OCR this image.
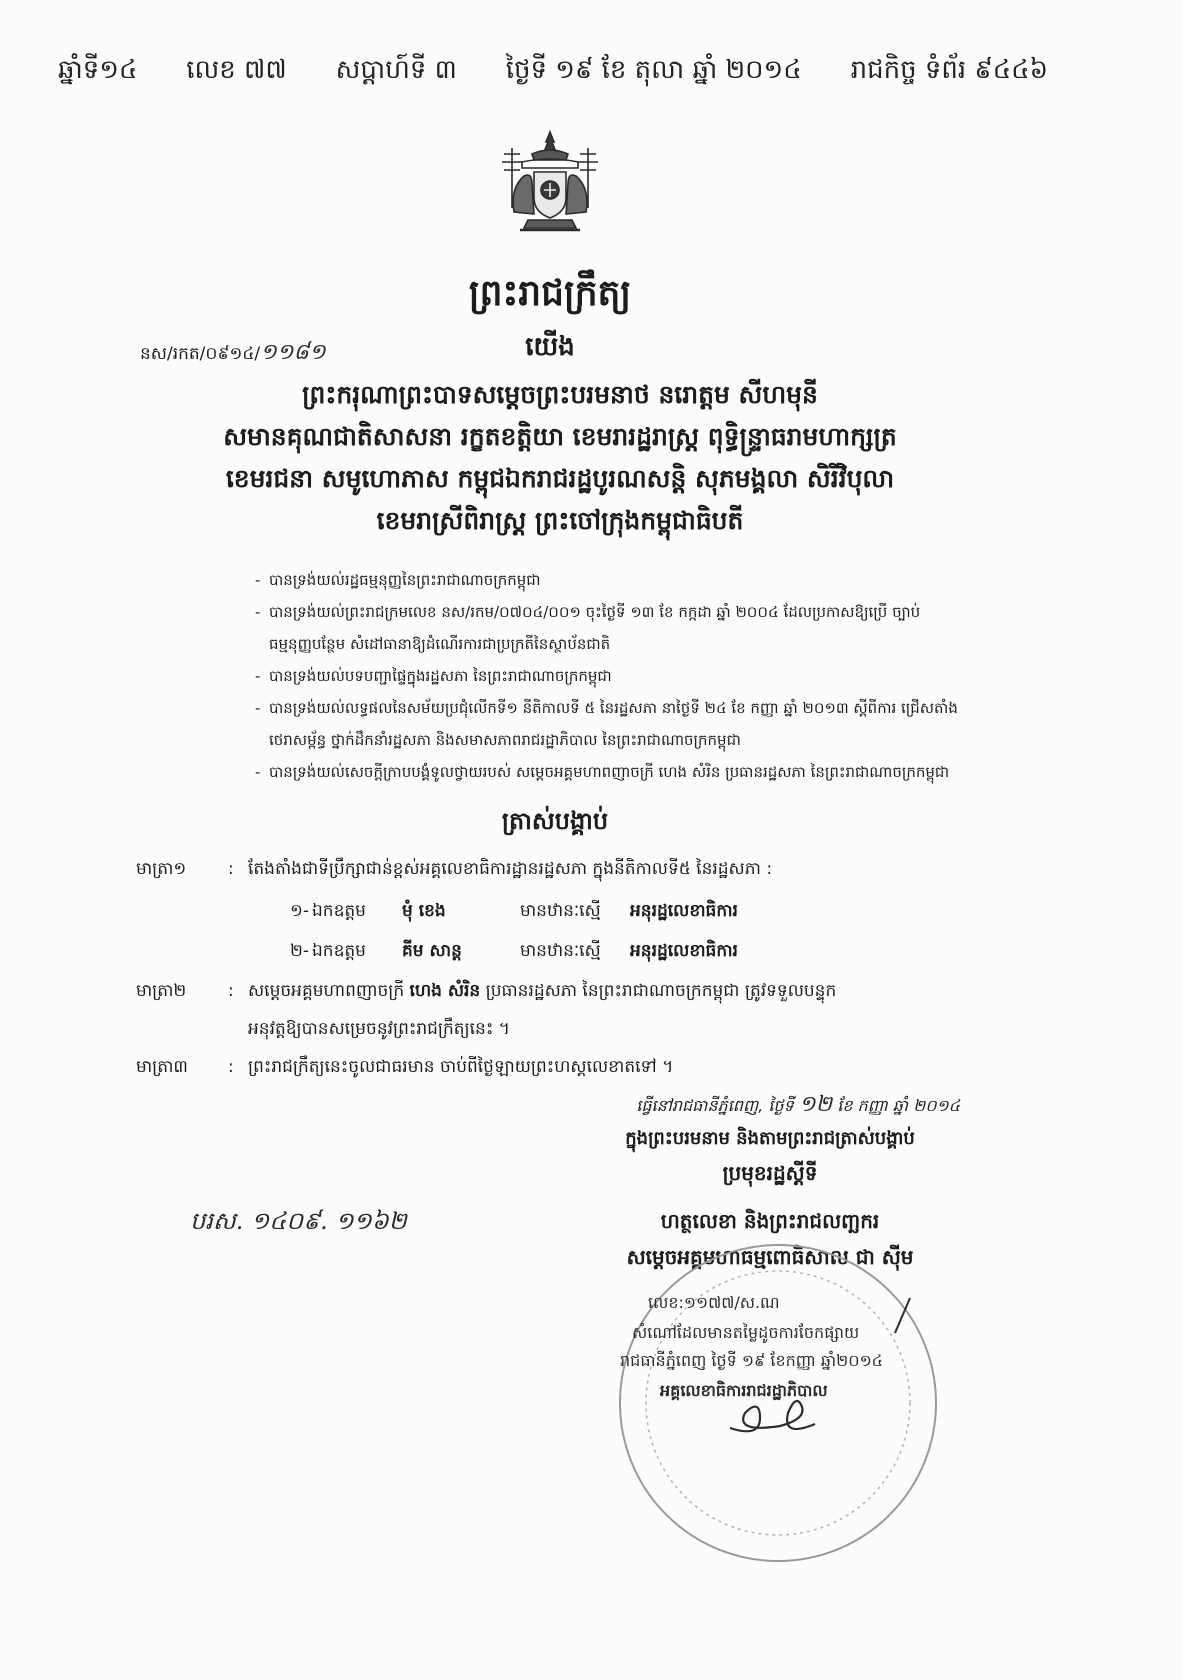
ឆ្នាំទី១៤ លេខ ៧៧ សប្តាហ៍ទី ៣ ថ្ងៃទី ១៩ ខែ តុលា ឆ្នាំ ២០១៤ រាជកិច្ច ទំព័រ ៩៤៤៦
ព្រះរាជក្រឹត្យ
នស/រកត/០៩១៤/១១៨១	យើង
ព្រះករុណាព្រះបាទសម្តេចព្រះបរមនាថ នរោត្តម សីហមុនី
សមានគុណជាតិសាសនា រក្ខតខត្តិយា ខេមរារដ្ឋរាស្ត្រ ពុទ្ធិន្ទ្រាធរាមហាក្សត្រ
ខេមរជនា សមូហោភាស កម្ពុជឯករាជរដ្ឋបូរណសន្តិ សុភមង្គលា សិរីវិបុលា
ខេមរាស្រីពិរាស្ត្រ ព្រះចៅក្រុងកម្ពុជាធិបតី
- បានទ្រង់យល់រដ្ឋធម្មនុញ្ញនៃព្រះរាជាណាចក្រកម្ពុជា
- បានទ្រង់យល់ព្រះរាជក្រមលេខ នស/រកម/០៧០៤/០០១ ចុះថ្ងៃទី ១៣ ខែ កក្កដា ឆ្នាំ ២០០៤ ដែលប្រកាសឱ្យប្រើ ច្បាប់ធម្មនុញ្ញបន្ថែម សំដៅធានាឱ្យដំណើរការជាប្រក្រតីនៃស្ថាប័នជាតិ
- បានទ្រង់យល់បទបញ្ជាផ្ទៃក្នុងរដ្ឋសភា នៃព្រះរាជាណាចក្រកម្ពុជា
- បានទ្រង់យល់លទ្ធផលនៃសម័យប្រជុំលើកទី១ នីតិកាលទី ៥ នៃរដ្ឋសភា នាថ្ងៃទី ២៤ ខែ កញ្ញា ឆ្នាំ ២០១៣ ស្តីពីការ ជ្រើសតាំងថេរាសម្ព័ន្ធ ថ្នាក់ដឹកនាំរដ្ឋសភា និងសមាសភាពរាជរដ្ឋាភិបាល នៃព្រះរាជាណាចក្រកម្ពុជា
- បានទ្រង់យល់សេចក្តីក្រាបបង្គំទូលថ្វាយរបស់ សម្តេចអគ្គមហាពញាចក្រី ហេង សំរិន ប្រធានរដ្ឋសភា នៃព្រះរាជាណាចក្រកម្ពុជា
ត្រាស់បង្គាប់
មាត្រា១ : តែងតាំងជាទីប្រឹក្សាជាន់ខ្ពស់អគ្គលេខាធិការដ្ឋានរដ្ឋសភា ក្នុងនីតិកាលទី៥ នៃរដ្ឋសភា :
១- ឯកឧត្តម មុំ ខេង	មានឋានៈស្មើ អនុរដ្ឋលេខាធិការ
២- ឯកឧត្តម គីម សាន្ត	មានឋានៈស្មើ អនុរដ្ឋលេខាធិការ
មាត្រា២ : សម្តេចអគ្គមហាពញាចក្រី ហេង សំរិន ប្រធានរដ្ឋសភា នៃព្រះរាជាណាចក្រកម្ពុជា ត្រូវទទួលបន្ទុក
អនុវត្តឱ្យបានសម្រេចនូវព្រះរាជក្រឹត្យនេះ ។
មាត្រា៣ : ព្រះរាជក្រឹត្យនេះចូលជាធរមាន ចាប់ពីថ្ងៃឡាយព្រះហស្តលេខាតទៅ ។
ធ្វើនៅរាជធានីភ្នំពេញ, ថ្ងៃទី ១២ ខែ កញ្ញា ឆ្នាំ ២០១៤
ក្នុងព្រះបរមនាម និងតាមព្រះរាជត្រាស់បង្គាប់
ប្រមុខរដ្ឋស្តីទី
បរស. ១៤០៩. ១១៦២	ហត្ថលេខា និងព្រះរាជលញ្ឆករ
សម្តេចអគ្គមហាធម្មពោធិសាល ជា ស៊ីម
លេខ:១១៧៧/ស.ណ
សំណៅដែលមានតម្លៃដូចការចែកផ្សាយ
រាជធានីភ្នំពេញ ថ្ងៃទី ១៩ ខែកញ្ញា ឆ្នាំ២០១៤
អគ្គលេខាធិការរាជរដ្ឋាភិបាល
